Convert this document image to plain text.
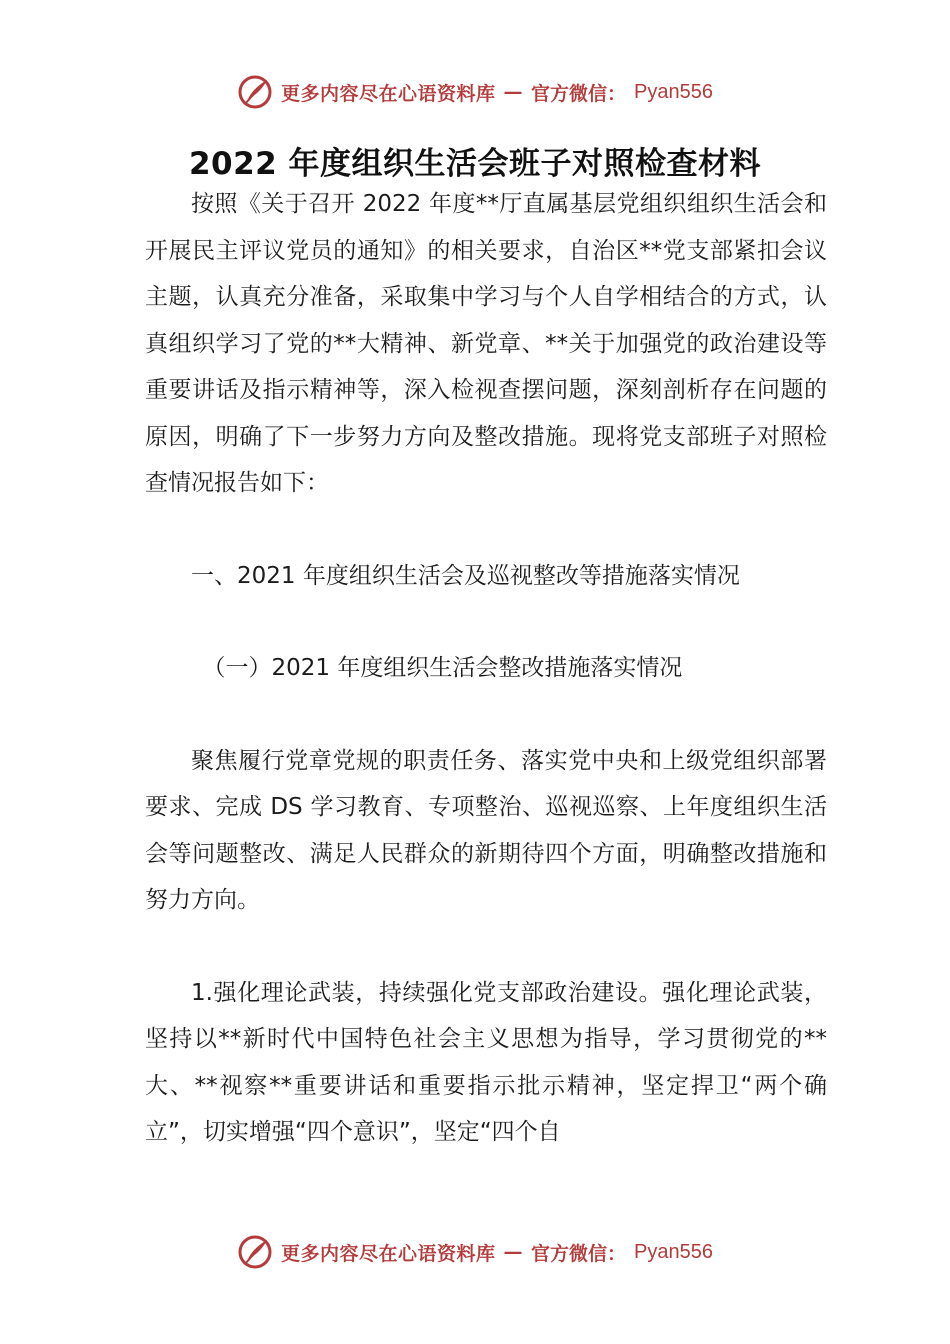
更多内容尽在心语资料库 — 官方微信： Pyan556
2022 年度组织生活会班子对照检查材料

按照《关于召开 2022 年度**厅直属基层党组织组织生活会和开展民主评议党员的通知》的相关要求，自治区**党支部紧扣会议主题，认真充分准备，采取集中学习与个人自学相结合的方式，认真组织学习了党的**大精神、新党章、**关于加强党的政治建设等重要讲话及指示精神等，深入检视查摆问题，深刻剖析存在问题的原因，明确了下一步努力方向及整改措施。现将党支部班子对照检查情况报告如下：

一、2021 年度组织生活会及巡视整改等措施落实情况

（一）2021 年度组织生活会整改措施落实情况

聚焦履行党章党规的职责任务、落实党中央和上级党组织部署要求、完成 DS 学习教育、专项整治、巡视巡察、上年度组织生活会等问题整改、满足人民群众的新期待四个方面，明确整改措施和努力方向。

1.强化理论武装，持续强化党支部政治建设。强化理论武装，坚持以**新时代中国特色社会主义思想为指导，学习贯彻党的**大、**视察**重要讲话和重要指示批示精神，坚定捍卫“两个确立”，切实增强“四个意识”，坚定“四个自

更多内容尽在心语资料库 — 官方微信： Pyan556
